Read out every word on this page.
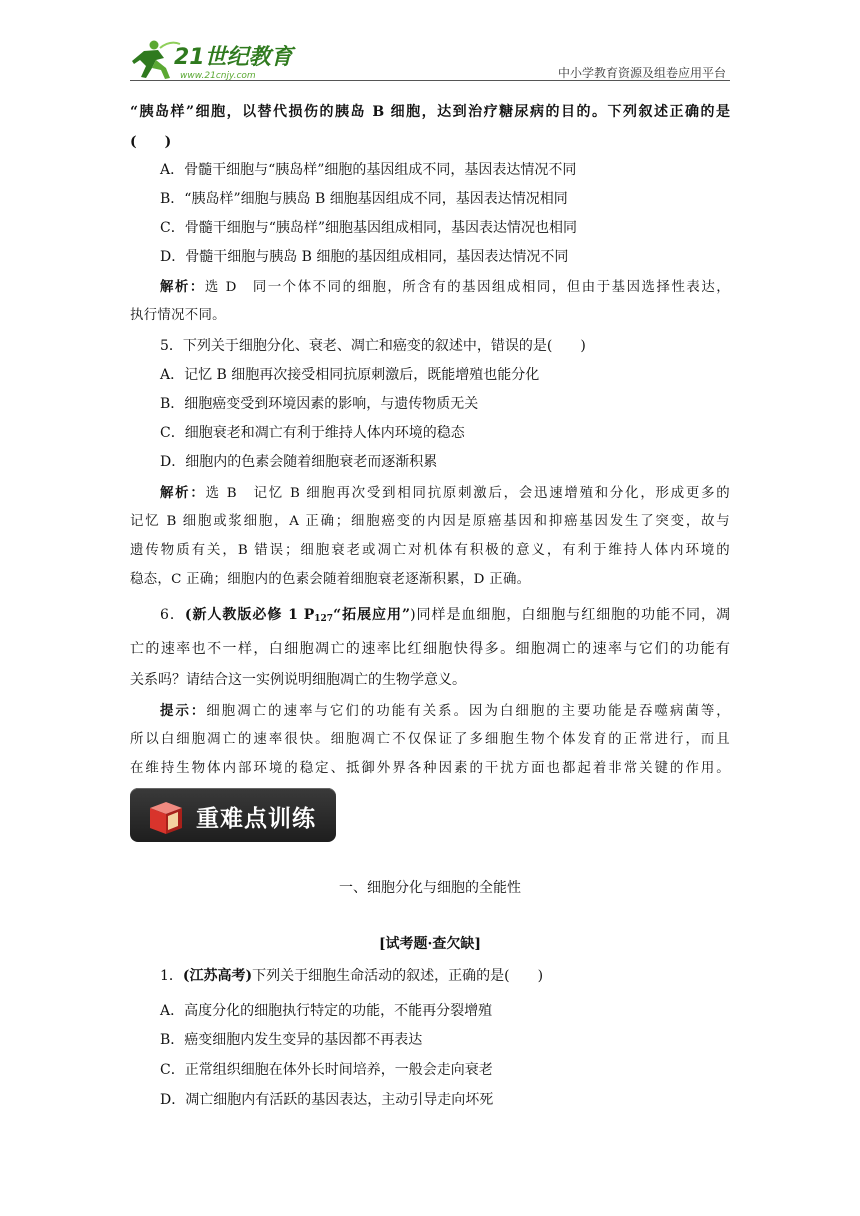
21世纪教育
www.21cnjy.com	中小学教育资源及组卷应用平台
“胰岛样”细胞，以替代损伤的胰岛 B 细胞，达到治疗糖尿病的目的。下列叙述正确的是
(　　)
A．骨髓干细胞与“胰岛样”细胞的基因组成不同，基因表达情况不同
B．“胰岛样”细胞与胰岛 B 细胞基因组成不同，基因表达情况相同
C．骨髓干细胞与“胰岛样”细胞基因组成相同，基因表达情况也相同
D．骨髓干细胞与胰岛 B 细胞的基因组成相同，基因表达情况不同
解析：选 D　同一个体不同的细胞，所含有的基因组成相同，但由于基因选择性表达，
执行情况不同。
5．下列关于细胞分化、衰老、凋亡和癌变的叙述中，错误的是(　　)
A．记忆 B 细胞再次接受相同抗原刺激后，既能增殖也能分化
B．细胞癌变受到环境因素的影响，与遗传物质无关
C．细胞衰老和凋亡有利于维持人体内环境的稳态
D．细胞内的色素会随着细胞衰老而逐渐积累
解析：选 B　记忆 B 细胞再次受到相同抗原刺激后，会迅速增殖和分化，形成更多的
记忆 B 细胞或浆细胞，A 正确；细胞癌变的内因是原癌基因和抑癌基因发生了突变，故与
遗传物质有关，B 错误；细胞衰老或凋亡对机体有积极的意义，有利于维持人体内环境的
稳态，C 正确；细胞内的色素会随着细胞衰老逐渐积累，D 正确。
6．(新人教版必修 1 $P_{127}“$拓展应用”)同样是血细胞，白细胞与红细胞的功能不同，凋
亡的速率也不一样，白细胞凋亡的速率比红细胞快得多。细胞凋亡的速率与它们的功能有
关系吗？请结合这一实例说明细胞凋亡的生物学意义。
提示：细胞凋亡的速率与它们的功能有关系。因为白细胞的主要功能是吞噬病菌等，
所以白细胞凋亡的速率很快。细胞凋亡不仅保证了多细胞生物个体发育的正常进行，而且
在维持生物体内部环境的稳定、抵御外界各种因素的干扰方面也都起着非常关键的作用。
重难点训练
一、细胞分化与细胞的全能性
[试考题·查欠缺]
1．(江苏高考)下列关于细胞生命活动的叙述，正确的是(　　)
A．高度分化的细胞执行特定的功能，不能再分裂增殖
B．癌变细胞内发生变异的基因都不再表达
C．正常组织细胞在体外长时间培养，一般会走向衰老
D．凋亡细胞内有活跃的基因表达，主动引导走向坏死
